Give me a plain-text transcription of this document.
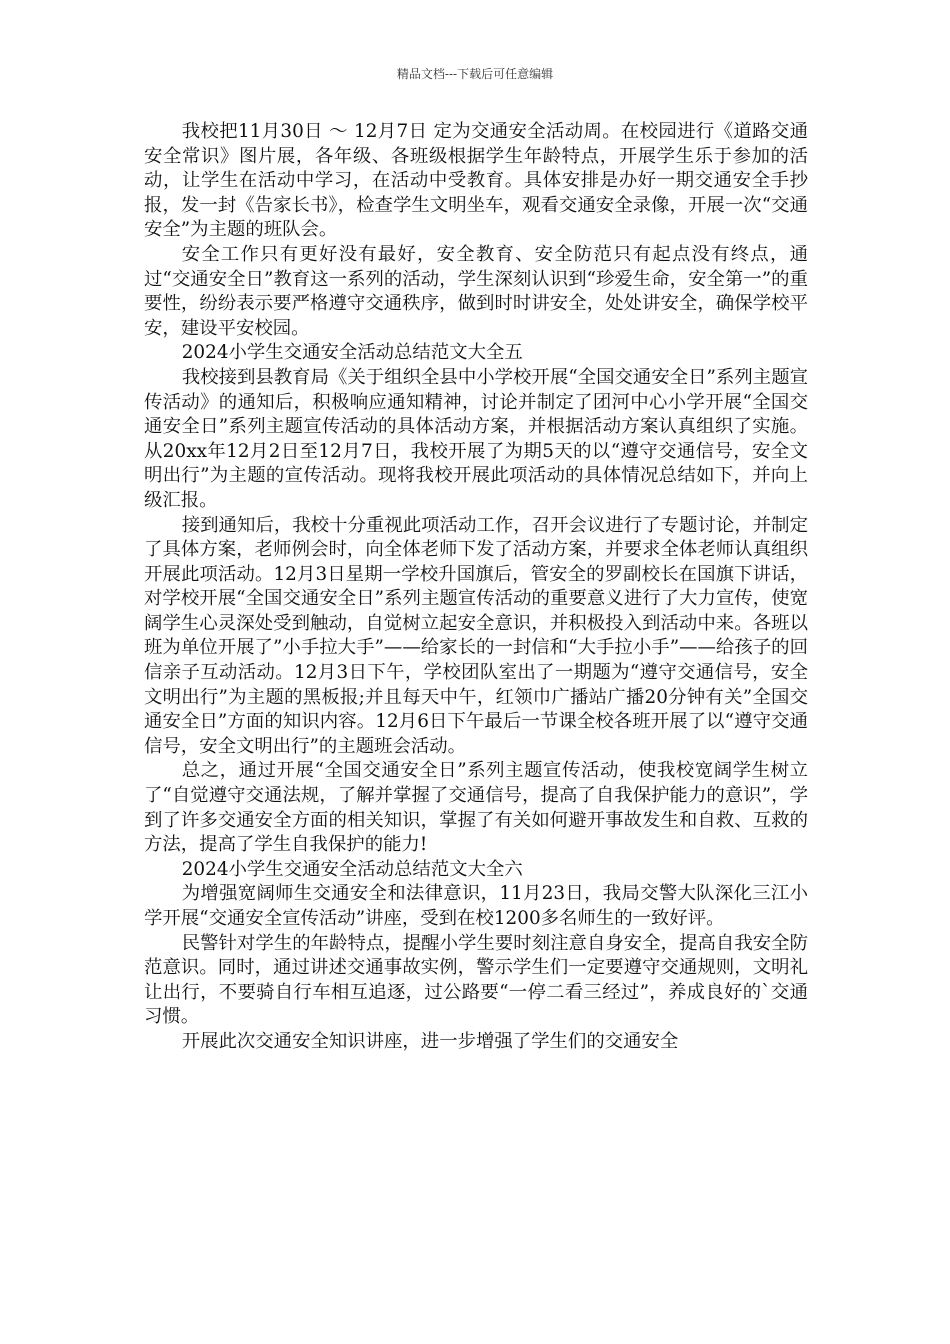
精品文档---下载后可任意编辑

我校把11月30日 ～ 12月7日 定为交通安全活动周。在校园进行《道路交通安全常识》图片展，各年级、各班级根据学生年龄特点，开展学生乐于参加的活动，让学生在活动中学习，在活动中受教育。具体安排是办好一期交通安全手抄报，发一封《告家长书》，检查学生文明坐车，观看交通安全录像，开展一次“交通安全”为主题的班队会。

安全工作只有更好没有最好，安全教育、安全防范只有起点没有终点，通过“交通安全日”教育这一系列的活动，学生深刻认识到“珍爱生命，安全第一”的重要性，纷纷表示要严格遵守交通秩序，做到时时讲安全，处处讲安全，确保学校平安，建设平安校园。

2024小学生交通安全活动总结范文大全五

我校接到县教育局《关于组织全县中小学校开展“全国交通安全日”系列主题宣传活动》的通知后，积极响应通知精神，讨论并制定了团河中心小学开展“全国交通安全日”系列主题宣传活动的具体活动方案，并根据活动方案认真组织了实施。从20xx年12月2日至12月7日，我校开展了为期5天的以“遵守交通信号，安全文明出行”为主题的宣传活动。现将我校开展此项活动的具体情况总结如下，并向上级汇报。

接到通知后，我校十分重视此项活动工作，召开会议进行了专题讨论，并制定了具体方案，老师例会时，向全体老师下发了活动方案，并要求全体老师认真组织开展此项活动。12月3日星期一学校升国旗后，管安全的罗副校长在国旗下讲话，对学校开展“全国交通安全日”系列主题宣传活动的重要意义进行了大力宣传，使宽阔学生心灵深处受到触动，自觉树立起安全意识，并积极投入到活动中来。各班以班为单位开展了”小手拉大手”——给家长的一封信和“大手拉小手”——给孩子的回信亲子互动活动。12月3日下午，学校团队室出了一期题为“遵守交通信号，安全文明出行”为主题的黑板报;并且每天中午，红领巾广播站广播20分钟有关”全国交通安全日”方面的知识内容。12月6日下午最后一节课全校各班开展了以“遵守交通信号，安全文明出行”的主题班会活动。

总之，通过开展“全国交通安全日”系列主题宣传活动，使我校宽阔学生树立了“自觉遵守交通法规，了解并掌握了交通信号，提高了自我保护能力的意识”，学到了许多交通安全方面的相关知识，掌握了有关如何避开事故发生和自救、互救的方法，提高了学生自我保护的能力!

2024小学生交通安全活动总结范文大全六

为增强宽阔师生交通安全和法律意识，11月23日，我局交警大队深化三江小学开展“交通安全宣传活动”讲座，受到在校1200多名师生的一致好评。

民警针对学生的年龄特点，提醒小学生要时刻注意自身安全，提高自我安全防范意识。同时，通过讲述交通事故实例，警示学生们一定要遵守交通规则，文明礼让出行，不要骑自行车相互追逐，过公路要“一停二看三经过”，养成良好的`交通习惯。

开展此次交通安全知识讲座，进一步增强了学生们的交通安全
